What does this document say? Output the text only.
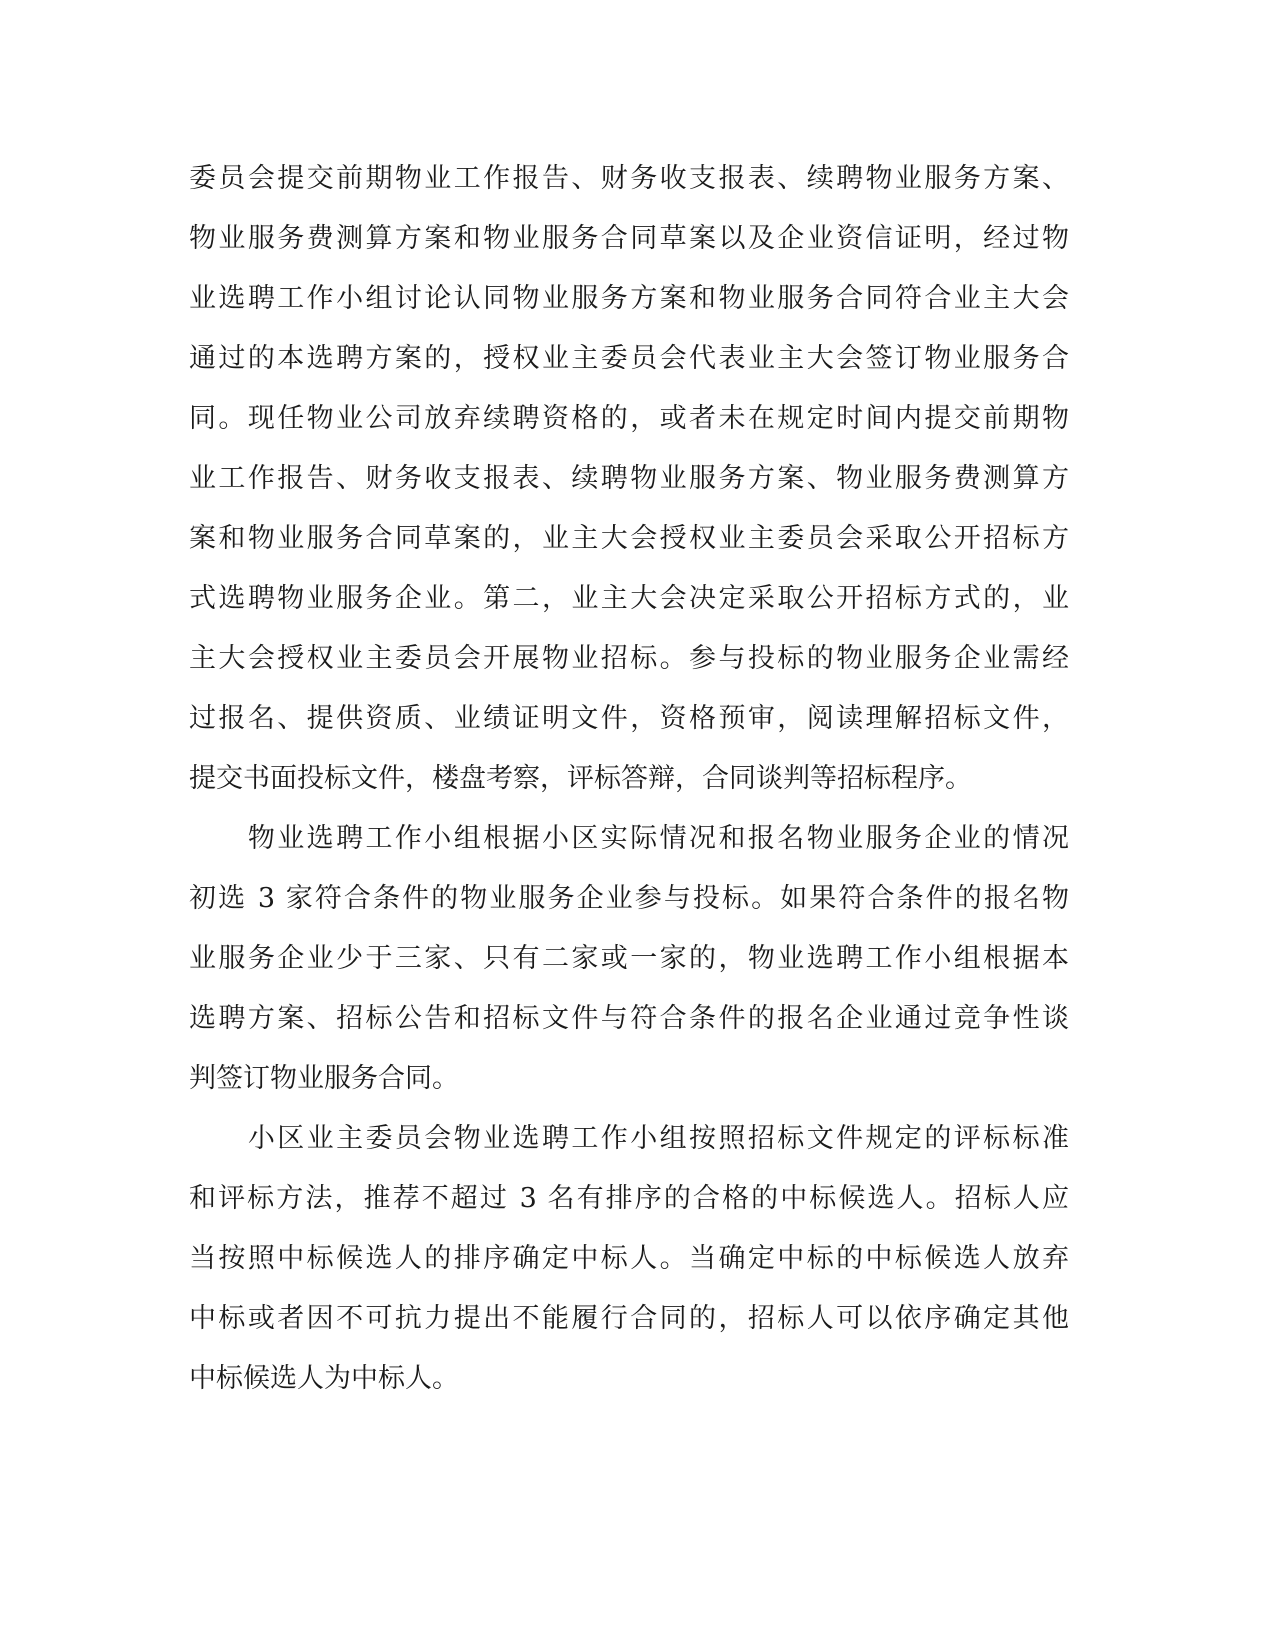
委员会提交前期物业工作报告、财务收支报表、续聘物业服务方案、
物业服务费测算方案和物业服务合同草案以及企业资信证明，经过物
业选聘工作小组讨论认同物业服务方案和物业服务合同符合业主大会
通过的本选聘方案的，授权业主委员会代表业主大会签订物业服务合
同。现任物业公司放弃续聘资格的，或者未在规定时间内提交前期物
业工作报告、财务收支报表、续聘物业服务方案、物业服务费测算方
案和物业服务合同草案的，业主大会授权业主委员会采取公开招标方
式选聘物业服务企业。第二，业主大会决定采取公开招标方式的，业
主大会授权业主委员会开展物业招标。参与投标的物业服务企业需经
过报名、提供资质、业绩证明文件，资格预审，阅读理解招标文件，
提交书面投标文件，楼盘考察，评标答辩，合同谈判等招标程序。
　　物业选聘工作小组根据小区实际情况和报名物业服务企业的情况
初选 3 家符合条件的物业服务企业参与投标。如果符合条件的报名物
业服务企业少于三家、只有二家或一家的，物业选聘工作小组根据本
选聘方案、招标公告和招标文件与符合条件的报名企业通过竞争性谈
判签订物业服务合同。
　　小区业主委员会物业选聘工作小组按照招标文件规定的评标标准
和评标方法，推荐不超过 3 名有排序的合格的中标候选人。招标人应
当按照中标候选人的排序确定中标人。当确定中标的中标候选人放弃
中标或者因不可抗力提出不能履行合同的，招标人可以依序确定其他
中标候选人为中标人。
